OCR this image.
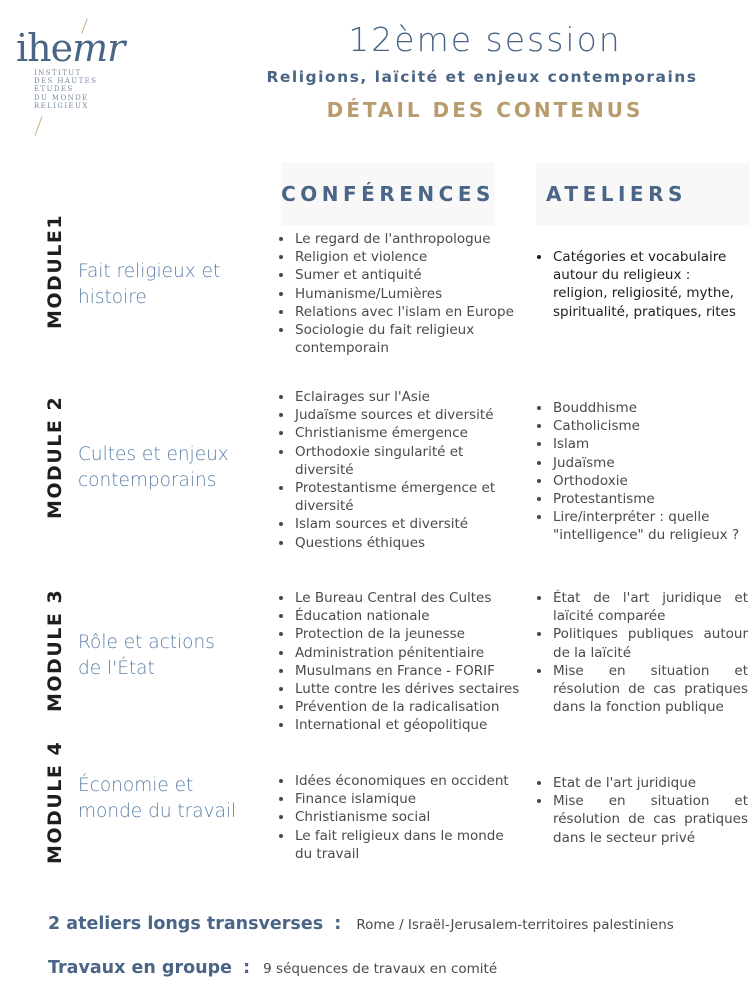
ihemr
INSTITUT
DES HAUTES
ÉTUDES
DU MONDE
RELIGIEUX
12ème session
Religions, laïcité et enjeux contemporains
DÉTAIL DES CONTENUS
CONFÉRENCES	ATELIERS
MODULE1 Fait religieux et histoire
• Le regard de l'anthropologue
• Religion et violence
• Sumer et antiquité
• Humanisme/Lumières
• Relations avec l'islam en Europe
• Sociologie du fait religieux contemporain
• Catégories et vocabulaire autour du religieux : religion, religiosité, mythe, spiritualité, pratiques, rites
MODULE 2 Cultes et enjeux contemporains
• Eclairages sur l'Asie
• Judaïsme sources et diversité
• Christianisme émergence
• Orthodoxie singularité et diversité
• Protestantisme émergence et diversité
• Islam sources et diversité
• Questions éthiques
• Bouddhisme
• Catholicisme
• Islam
• Judaïsme
• Orthodoxie
• Protestantisme
• Lire/interpréter : quelle "intelligence" du religieux ?
MODULE 3 Rôle et actions de l'État
• Le Bureau Central des Cultes
• Éducation nationale
• Protection de la jeunesse
• Administration pénitentiaire
• Musulmans en France - FORIF
• Lutte contre les dérives sectaires
• Prévention de la radicalisation
• International et géopolitique
• État de l'art juridique et laïcité comparée
• Politiques publiques autour de la laïcité
• Mise en situation et résolution de cas pratiques dans la fonction publique
MODULE 4 Économie et monde du travail
• Idées économiques en occident
• Finance islamique
• Christianisme social
• Le fait religieux dans le monde du travail
• Etat de l'art juridique
• Mise en situation et résolution de cas pratiques dans le secteur privé
2 ateliers longs transverses : Rome / Israël-Jerusalem-territoires palestiniens
Travaux en groupe : 9 séquences de travaux en comité
